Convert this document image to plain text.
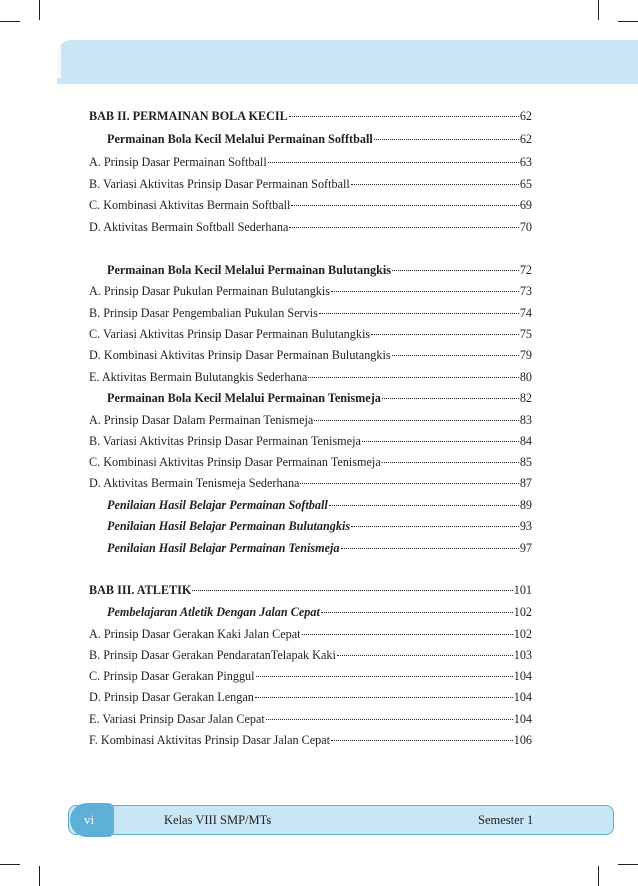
BAB II. PERMAINAN BOLA KECIL	62
Permainan Bola Kecil Melalui Permainan Sofftball	62
A. Prinsip Dasar Permainan Softball	63
B. Variasi Aktivitas Prinsip Dasar Permainan Softball	65
C. Kombinasi Aktivitas Bermain Softball	69
D. Aktivitas Bermain Softball Sederhana	70
Permainan Bola Kecil Melalui Permainan Bulutangkis	72
A. Prinsip Dasar Pukulan Permainan Bulutangkis	73
B. Prinsip Dasar Pengembalian Pukulan Servis	74
C. Variasi Aktivitas Prinsip Dasar Permainan Bulutangkis	75
D. Kombinasi Aktivitas Prinsip Dasar Permainan Bulutangkis	79
E. Aktivitas Bermain Bulutangkis Sederhana	80
Permainan Bola Kecil Melalui Permainan Tenismeja	82
A. Prinsip Dasar Dalam Permainan Tenismeja	83
B. Variasi Aktivitas Prinsip Dasar Permainan Tenismeja	84
C. Kombinasi Aktivitas Prinsip Dasar Permainan Tenismeja	85
D. Aktivitas Bermain Tenismeja Sederhana	87
Penilaian Hasil Belajar Permainan Softball	89
Penilaian Hasil Belajar Permainan Bulutangkis	93
Penilaian Hasil Belajar Permainan Tenismeja	97
BAB III. ATLETIK	101
Pembelajaran Atletik Dengan Jalan Cepat	102
A. Prinsip Dasar Gerakan Kaki Jalan Cepat	102
B. Prinsip Dasar Gerakan PendaratanTelapak Kaki	103
C. Prinsip Dasar Gerakan Pinggul	104
D. Prinsip Dasar Gerakan Lengan	104
E. Variasi Prinsip Dasar Jalan Cepat	104
F. Kombinasi Aktivitas Prinsip Dasar Jalan Cepat	106
vi	Kelas VIII SMP/MTs	Semester 1
